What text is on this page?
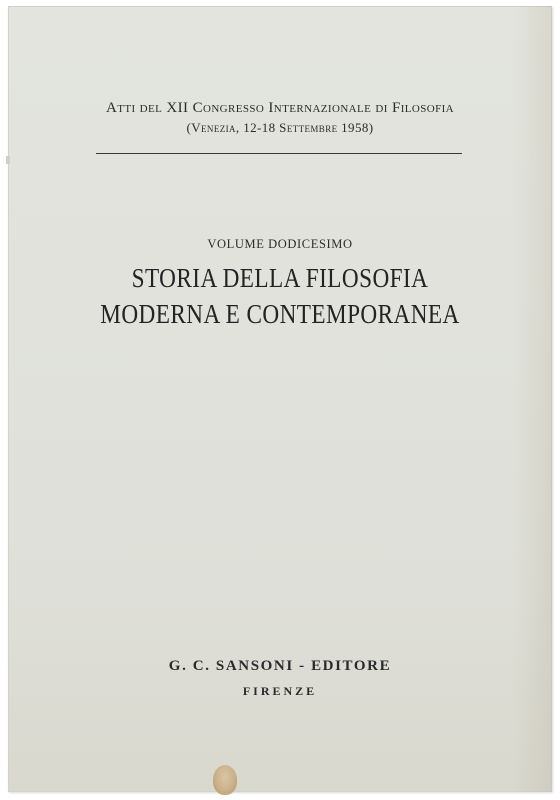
Atti del XII Congresso Internazionale di Filosofia
(Venezia, 12-18 Settembre 1958)
VOLUME DODICESIMO
STORIA DELLA FILOSOFIA
MODERNA E CONTEMPORANEA
G. C. SANSONI - EDITORE
FIRENZE
